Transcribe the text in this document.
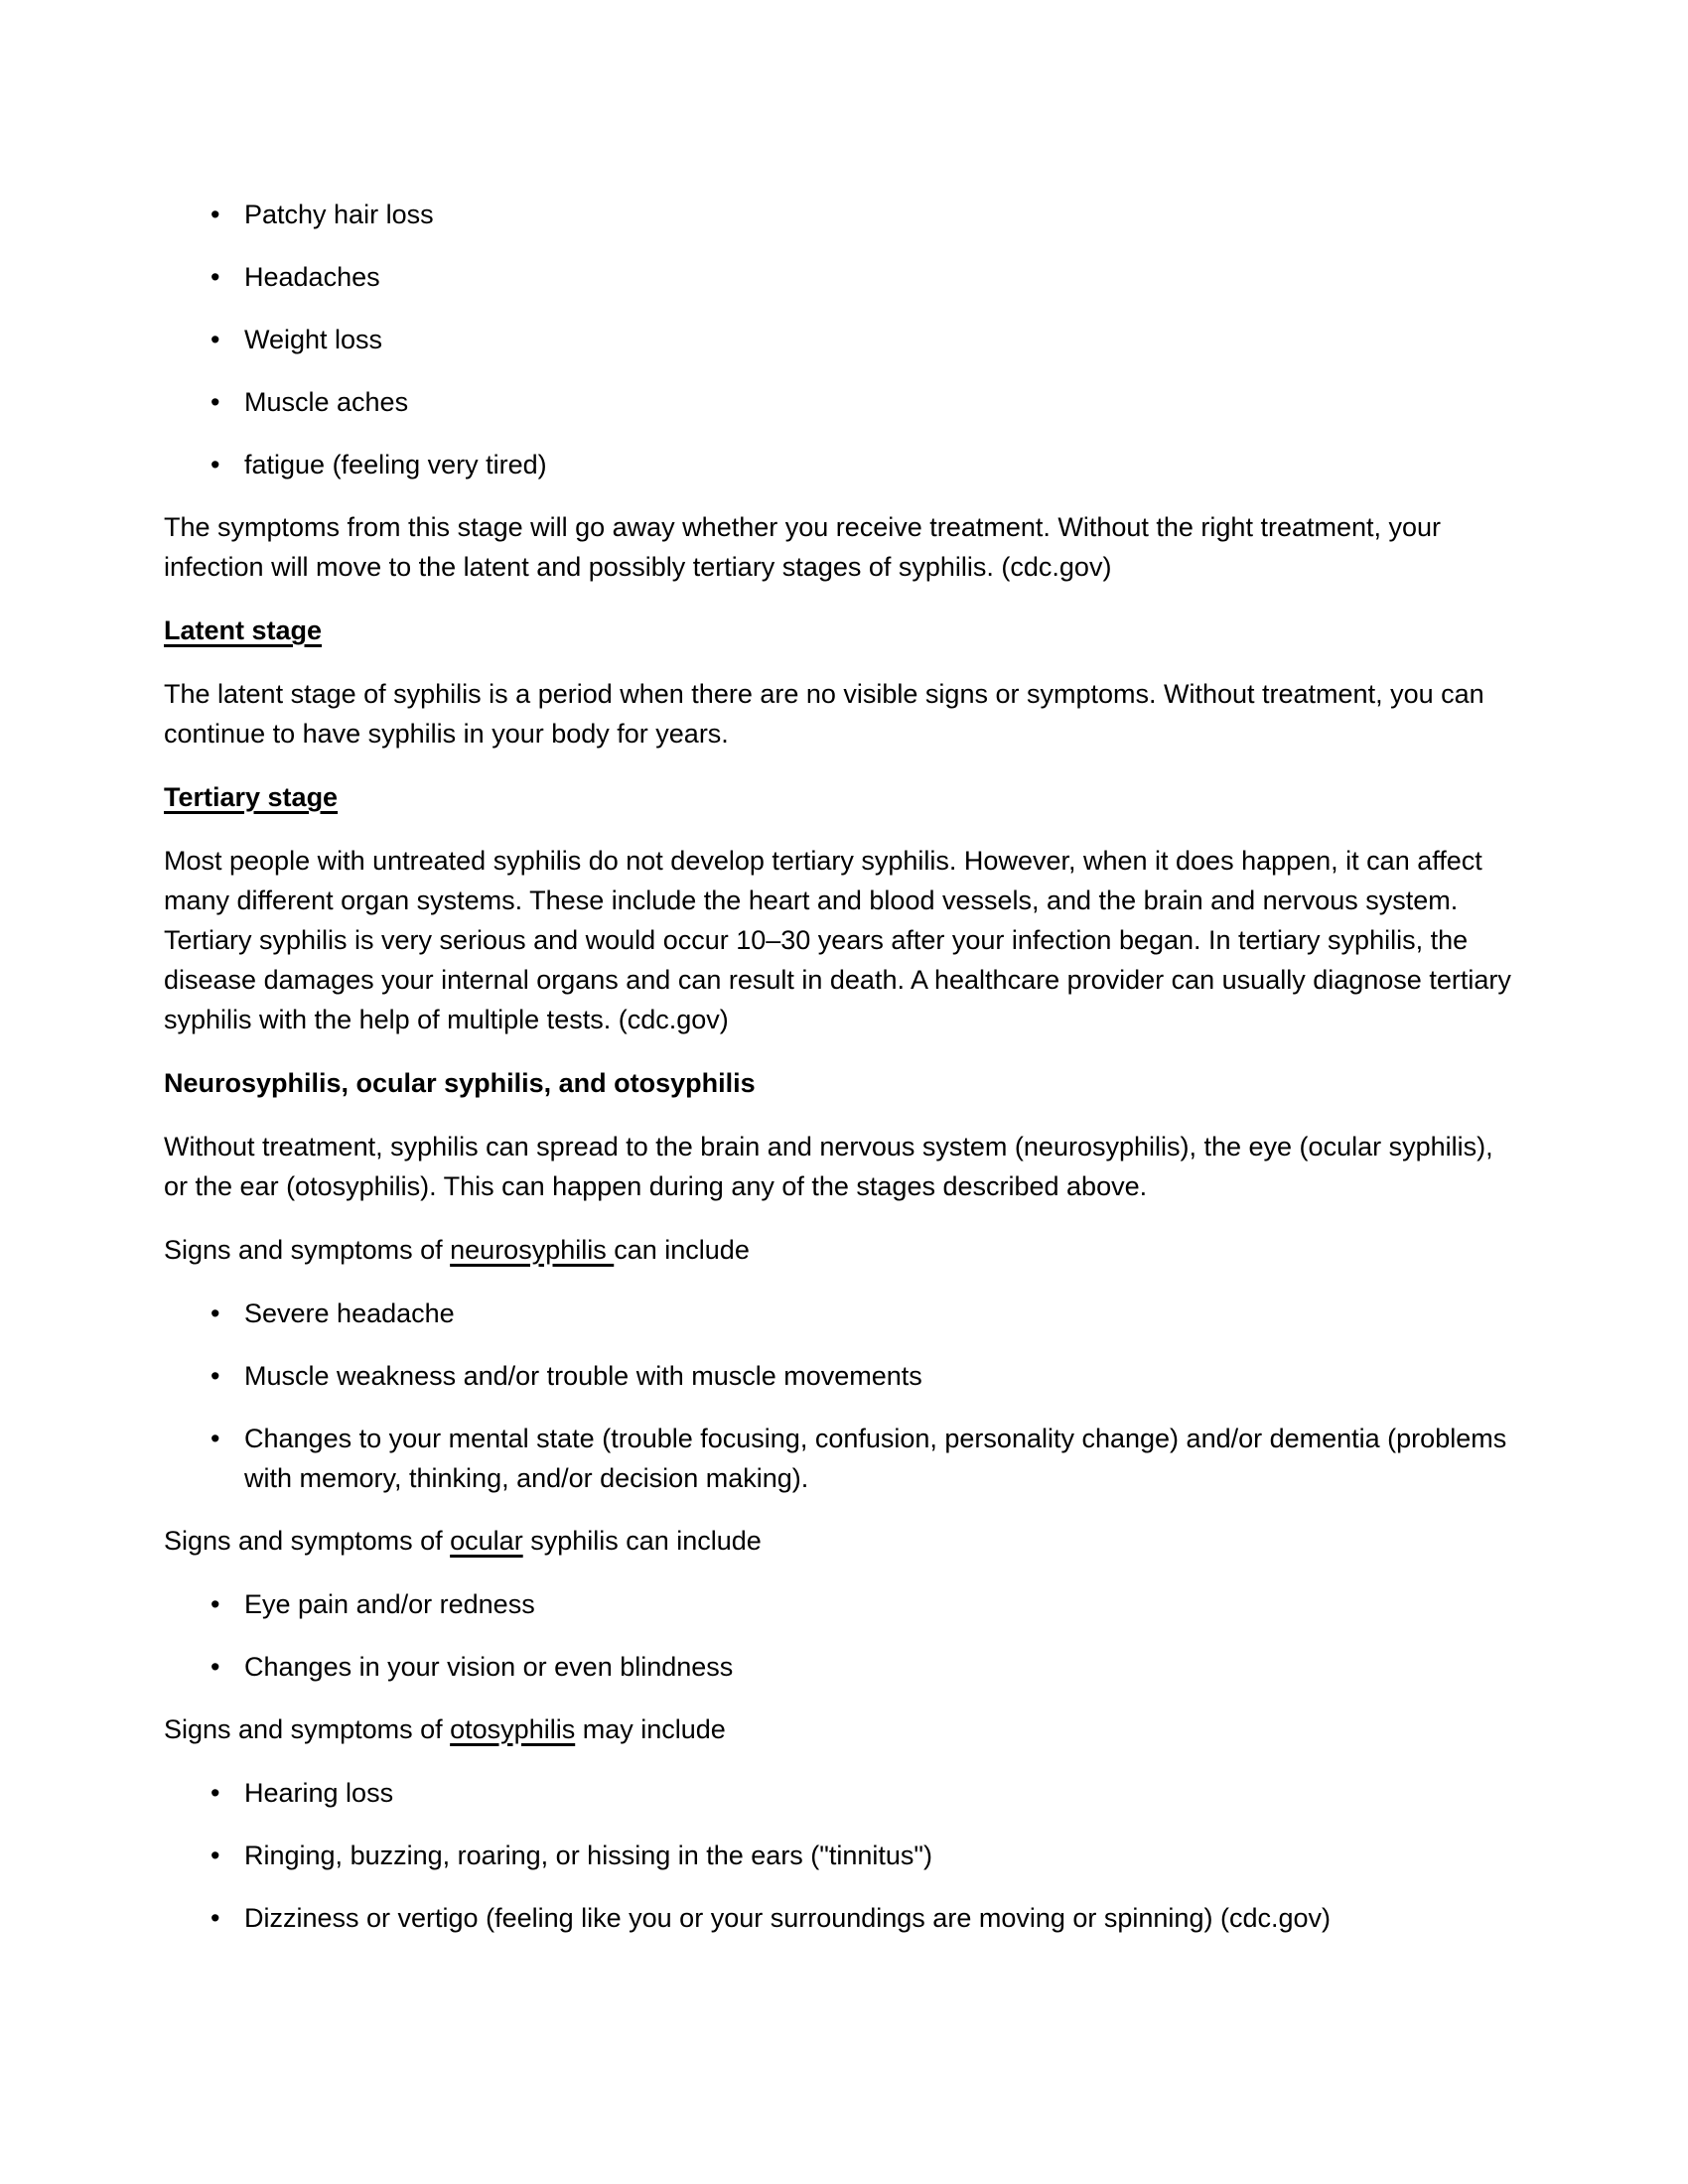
• Patchy hair loss
• Headaches
• Weight loss
• Muscle aches
• fatigue (feeling very tired)

The symptoms from this stage will go away whether you receive treatment. Without the right treatment, your infection will move to the latent and possibly tertiary stages of syphilis. (cdc.gov)

Latent stage

The latent stage of syphilis is a period when there are no visible signs or symptoms. Without treatment, you can continue to have syphilis in your body for years.

Tertiary stage

Most people with untreated syphilis do not develop tertiary syphilis. However, when it does happen, it can affect many different organ systems. These include the heart and blood vessels, and the brain and nervous system. Tertiary syphilis is very serious and would occur 10–30 years after your infection began. In tertiary syphilis, the disease damages your internal organs and can result in death. A healthcare provider can usually diagnose tertiary syphilis with the help of multiple tests. (cdc.gov)

Neurosyphilis, ocular syphilis, and otosyphilis

Without treatment, syphilis can spread to the brain and nervous system (neurosyphilis), the eye (ocular syphilis), or the ear (otosyphilis). This can happen during any of the stages described above.

Signs and symptoms of neurosyphilis can include

• Severe headache
• Muscle weakness and/or trouble with muscle movements
• Changes to your mental state (trouble focusing, confusion, personality change) and/or dementia (problems with memory, thinking, and/or decision making).

Signs and symptoms of ocular syphilis can include

• Eye pain and/or redness
• Changes in your vision or even blindness

Signs and symptoms of otosyphilis may include

• Hearing loss
• Ringing, buzzing, roaring, or hissing in the ears ("tinnitus")
• Dizziness or vertigo (feeling like you or your surroundings are moving or spinning) (cdc.gov)
